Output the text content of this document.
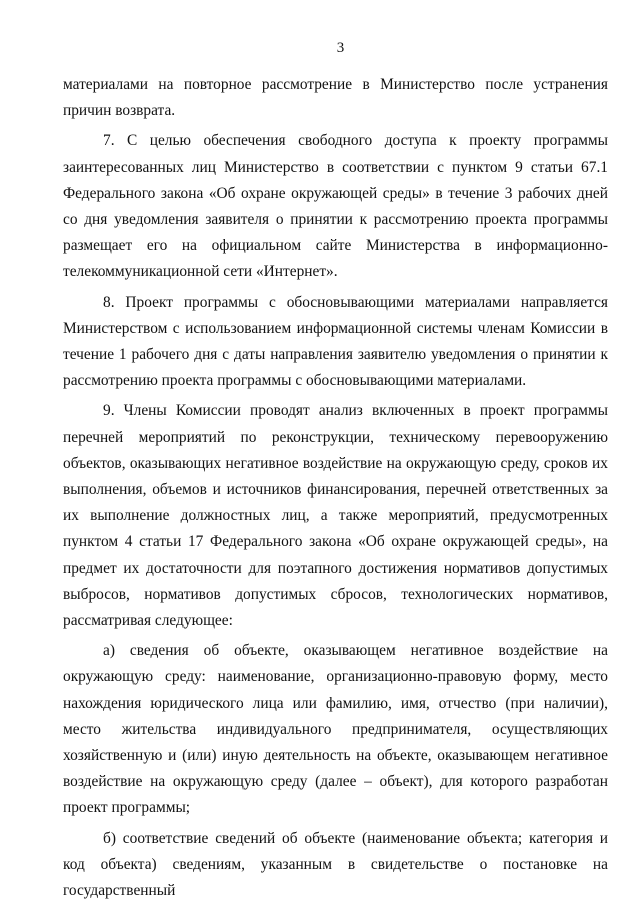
3

материалами на повторное рассмотрение в Министерство после устранения причин возврата.

7. С целью обеспечения свободного доступа к проекту программы заинтересованных лиц Министерство в соответствии с пунктом 9 статьи 67.1 Федерального закона «Об охране окружающей среды» в течение 3 рабочих дней со дня уведомления заявителя о принятии к рассмотрению проекта программы размещает его на официальном сайте Министерства в информационно-телекоммуникационной сети «Интернет».

8. Проект программы с обосновывающими материалами направляется Министерством с использованием информационной системы членам Комиссии в течение 1 рабочего дня с даты направления заявителю уведомления о принятии к рассмотрению проекта программы с обосновывающими материалами.

9. Члены Комиссии проводят анализ включенных в проект программы перечней мероприятий по реконструкции, техническому перевооружению объектов, оказывающих негативное воздействие на окружающую среду, сроков их выполнения, объемов и источников финансирования, перечней ответственных за их выполнение должностных лиц, а также мероприятий, предусмотренных пунктом 4 статьи 17 Федерального закона «Об охране окружающей среды», на предмет их достаточности для поэтапного достижения нормативов допустимых выбросов, нормативов допустимых сбросов, технологических нормативов, рассматривая следующее:

а) сведения об объекте, оказывающем негативное воздействие на окружающую среду: наименование, организационно-правовую форму, место нахождения юридического лица или фамилию, имя, отчество (при наличии), место жительства индивидуального предпринимателя, осуществляющих хозяйственную и (или) иную деятельность на объекте, оказывающем негативное воздействие на окружающую среду (далее – объект), для которого разработан проект программы;

б) соответствие сведений об объекте (наименование объекта; категория и код объекта) сведениям, указанным в свидетельстве о постановке на государственный
